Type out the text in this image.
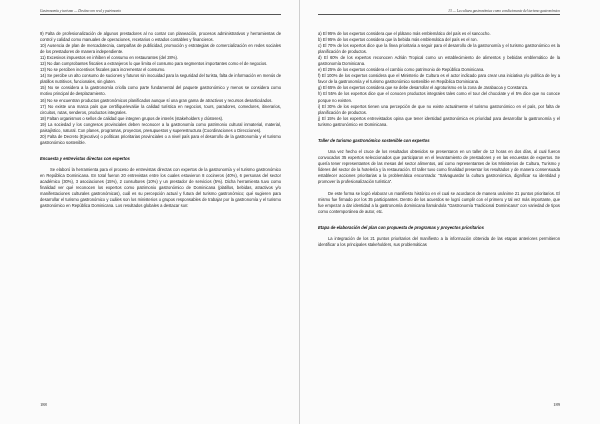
Gastronomía y turismo — Destino oro real y patrimonio

9) Falta de profesionalización de algunos prestadores al no contar con planeación, procesos administrativos y herramientas de control y calidad como manuales de operaciones, recetarios o estados contables y financieros.

10) Ausencia de plan de mercadotecnia, campañas de publicidad, promoción y estrategias de comercialización en redes sociales de los prestadores de manera independiente.

11) Excesivos impuestos en inhiben el consumo en restaurantes (del 28%).

12) No dan comprobantes fiscales a extranjeros lo que limita el consumo para segmentos importantes como el de negocios.

13) No se perciben incentivos fiscales para incrementar el consumo.

14) Se percibe un alto consumo de suciones y futuros sin inocuidad para la seguridad del turista, falta de información en menús de platillos nutritivos, funcionales, sin gluten.

15) No se considera a la gastronomía criolla como parte fundamental del paquete gastronómico y menos se considera como motivo principal de desplazamiento.

16) No se encuentran productos gastronómicos planificados aunque sí una gran gama de atractivos y recursos desarticulados.

17) No existe una marca país que certifique/evalúe la calidad turística en negocios, tours, paradores, comedores, itinerarios, circuitos, rutas, senderos, productos integrales.

18) Faltan organismos o sellos de calidad que integren grupos de interés (stakeholders y clústeres).

19) La sociedad y los congresos provinciales deben reconocer a la gastronomía como patrimonio cultural inmaterial, material, paisajístico, natural. Con planes, programas, proyectos, presupuestos y superestructura (Coordinaciones o Direcciones).

20) Falta de Decreto (Ejecutivo) o políticas prioritarias provinciales o a nivel país para el desarrollo de la gastronomía y el turismo gastronómico sostenible.

Encuesta y entrevistas directas con expertos

Se elaboró la herramienta para el proceso de entrevistas directas con expertos de la gastronomía y el turismo gastronómico en República Dominicana. En total fueron 20 entrevistas entre los cuales estuvieron 8 cocineros (40%), 6 personas del sector académico (30%), 3 asociaciones (15%), 2 consultores (10%) y un prestador de servicios (5%). Dicha herramienta tuvo como finalidad ver qué reconocen los expertos como patrimonio gastronómico de Dominicana (platillos, bebidas, atractivos y/o manifestaciones culturales gastronómicas), cuál es su percepción actual y futura del turismo gastronómico; qué sugieren para desarrollar el turismo gastronómico y cuáles son los ministerios o grupos responsables de trabajar por la gastronomía y el turismo gastronómico en República Dominicana. Los resultados globales a destacar son:

188
13 — La cultura gastronómica como condicionante del turismo gastronómico

a) El 95% de los expertos considera que el plátano más emblemático del país es el sancocho.

b) El 95% de los expertos considera que la bebida más emblemática del país es el ron.

c) El 70% de los expertos dice que la línea prioritaria a seguir para el desarrollo de la gastronomía y el turismo gastronómico es la planificación de productos.

d) El 60% de los expertos reconocen Adrián Tropical como un establecimiento de alimentos y bebidas emblemático de la gastronomía Dominicana.

e) El 25% de los expertos considera el cambio como patrimonio de República Dominicana.

f) El 100% de los expertos considera que el Ministerio de Cultura es el actor indicado para crear una iniciativa y/o política de ley a favor de la gastronomía y el turismo gastronómico sostenible en República Dominicana.

g) El 65% de los expertos considera que se debe desarrollar el agroturismo en la zona de Jarabacoa y Constanza.

h) El 55% de los expertos dice que el conocen productos integrales tales como el tour del chocolate y el 5% dice que no conoce porque no existen.

i) El 30% de los expertos tienen una percepción de que no existe actualmente el turismo gastronómico en el país, por falta de planificación de productos.

j) El 15% de los expertos entrevistados opina que tener identidad gastronómica es prioridad para desarrollar la gastronomía y el turismo gastronómico en Dominicana.

Taller de turismo gastronómico sostenible con expertos

Una vez hecho el cruce de los resultados obtenidos se presentaron en un taller de 12 horas en dos días, al cual fueron convocados 35 expertos seleccionados que participaron en el levantamiento de prestadores y en las encuestas de expertos. Se quería tener representantes de las mesas del sector alimentos, así como representantes de los Ministerios de Cultura, Turismo y líderes del sector de la hotelería y la restauración. El taller tuvo como finalidad presentar los resultados y de manera consensuada establecer acciones prioritarias a la problemática encontrada: “Salvaguardar la cultura gastronómica, dignificar su identidad y promover la profesionalización turística”.

De este forma se logró elaborar un manifiesto histórico en el cual se acordaron de manera unánime 21 puntos prioritarios. El mismo fue firmado por los 35 participantes. Dentro de los acuerdos se logró cumplir con el primero y tal vez más importante, que fue empezar a dar identidad a la gastronomía dominicana llamándola “Gastronomía Tradicional Dominicana” con variedad de tipos como contemporánea de autor, etc.

Etapa de elaboración del plan con propuesta de programas y proyectos prioritarios

La integración de los 21 puntos prioritarios del manifiesto a la información obtenida de las etapas anteriores permitieron identificar a los principales stakeholders, sus problemáticas

189
